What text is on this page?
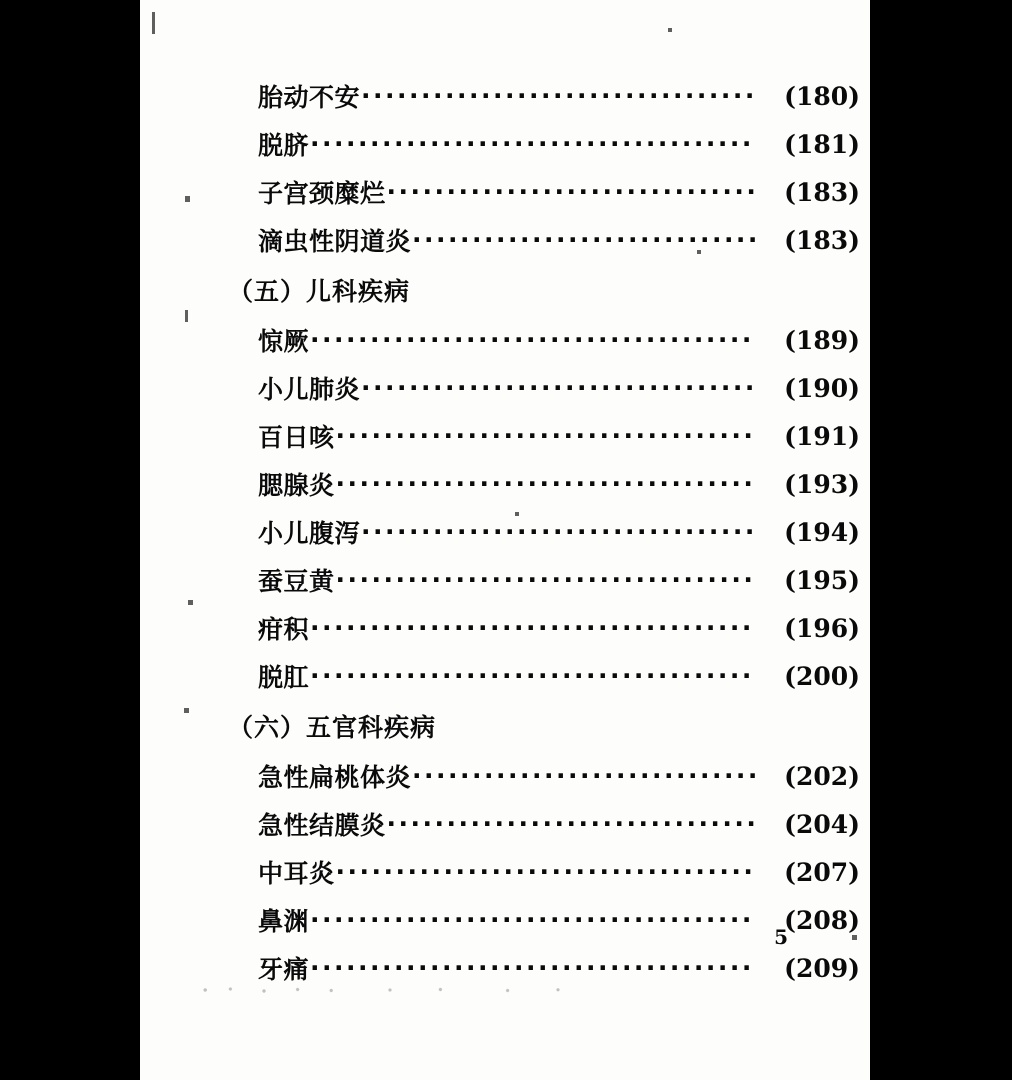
胎动不安 ·····	(180)
脱脐 ·····	(181)
子宫颈糜烂 ·····	(183)
滴虫性阴道炎 ·····	(183)
（五）儿科疾病
惊厥 ·····	(189)
小儿肺炎 ·····	(190)
百日咳 ·····	(191)
腮腺炎 ·····	(193)
小儿腹泻 ·····	(194)
蚕豆黄 ·····	(195)
疳积 ·····	(196)
脱肛 ·····	(200)
（六）五官科疾病
急性扁桃体炎 ·····	(202)
急性结膜炎 ·····	(204)
中耳炎 ·····	(207)
鼻渊 ·····	(208)
牙痛 ·····	(209)
5
